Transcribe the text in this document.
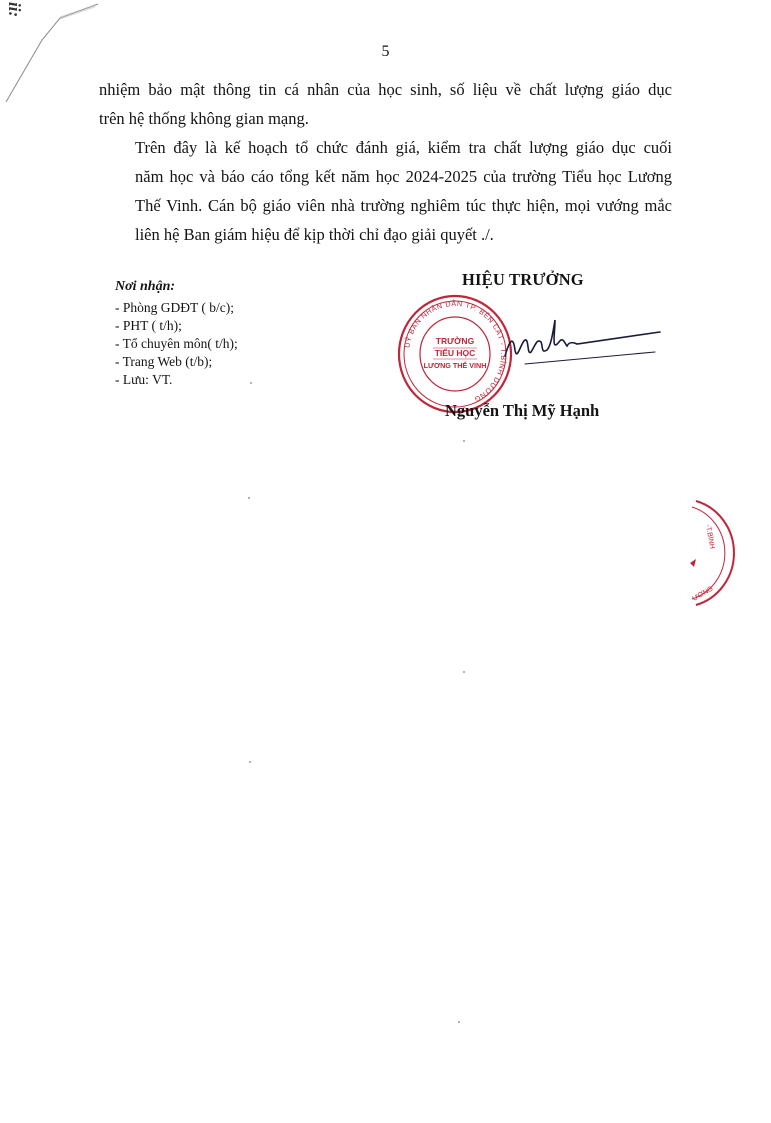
ii:
5

nhiệm bảo mật thông tin cá nhân của học sinh, số liệu về chất lượng giáo dục
trên hệ thống không gian mạng.

Trên đây là kế hoạch tổ chức đánh giá, kiểm tra chất lượng giáo dục cuối
năm học và báo cáo tổng kết năm học 2024-2025 của trường Tiểu học Lương
Thế Vinh. Cán bộ giáo viên nhà trường nghiêm túc thực hiện, mọi vướng mắc
liên hệ Ban giám hiệu để kịp thời chỉ đạo giải quyết ./.

Nơi nhận:
- Phòng GDĐT ( b/c);
- PHT ( t/h);
- Tổ chuyên môn( t/h);
- Trang Web (t/b);
- Lưu: VT.
HIỆU TRƯỞNG
UỶ BAN NHÂN DÂN TP. BẾN CÁT - T.BÌNH DƯƠNG
TRƯỜNG
TIỂU HỌC
LƯƠNG THẾ VINH
Nguyễn Thị Mỹ Hạnh
-T.BÌNH
ƯƠNG
